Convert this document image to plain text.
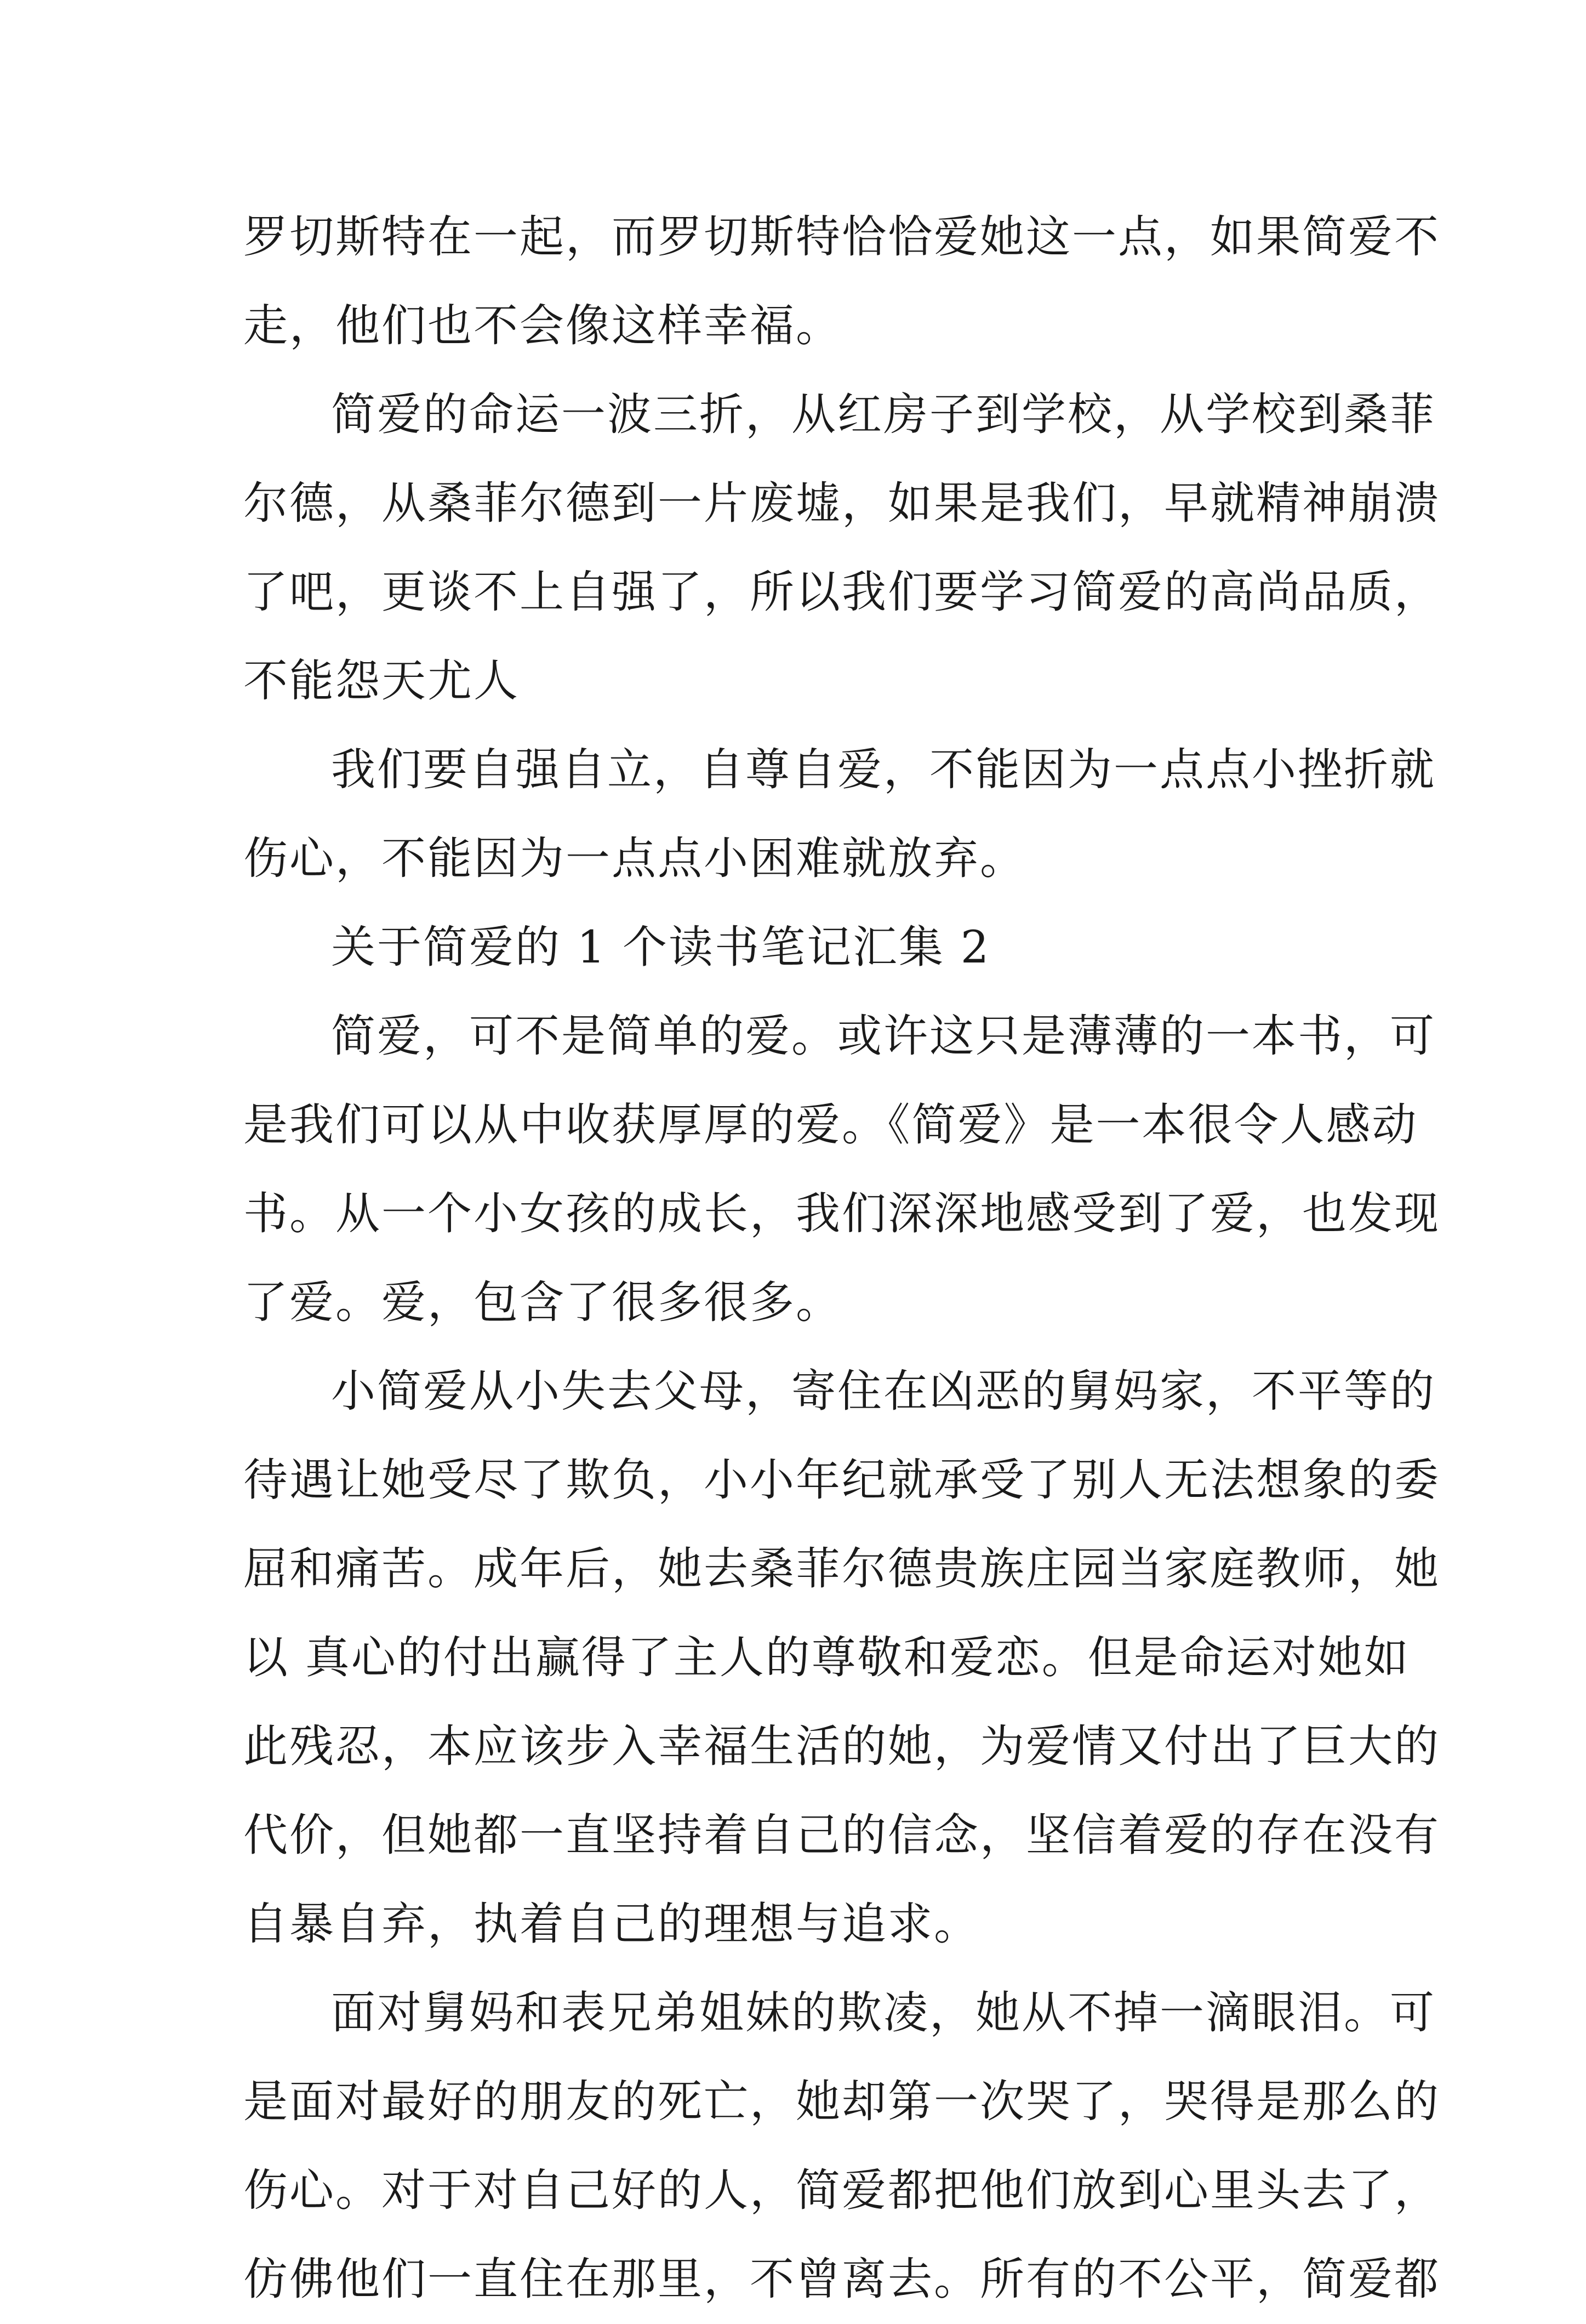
罗切斯特在一起，而罗切斯特恰恰爱她这一点，如果简爱不
走，他们也不会像这样幸福。
简爱的命运一波三折，从红房子到学校，从学校到桑菲
尔德，从桑菲尔德到一片废墟，如果是我们，早就精神崩溃
了吧，更谈不上自强了，所以我们要学习简爱的高尚品质，
不能怨天尤人
我们要自强自立，自尊自爱，不能因为一点点小挫折就
伤心，不能因为一点点小困难就放弃。
关于简爱的 1 个读书笔记汇集 2
简爱，可不是简单的爱。或许这只是薄薄的一本书，可
是我们可以从中收获厚厚的爱。《简爱》是一本很令人感动
书。从一个小女孩的成长，我们深深地感受到了爱，也发现
了爱。爱，包含了很多很多。
小简爱从小失去父母，寄住在凶恶的舅妈家，不平等的
待遇让她受尽了欺负，小小年纪就承受了别人无法想象的委
屈和痛苦。成年后，她去桑菲尔德贵族庄园当家庭教师，她
以 真心的付出赢得了主人的尊敬和爱恋。但是命运对她如
此残忍，本应该步入幸福生活的她，为爱情又付出了巨大的
代价，但她都一直坚持着自己的信念，坚信着爱的存在没有
自暴自弃，执着自己的理想与追求。
面对舅妈和表兄弟姐妹的欺凌，她从不掉一滴眼泪。可
是面对最好的朋友的死亡，她却第一次哭了，哭得是那么的
伤心。对于对自己好的人，简爱都把他们放到心里头去了，
仿佛他们一直住在那里，不曾离去。所有的不公平，简爱都
